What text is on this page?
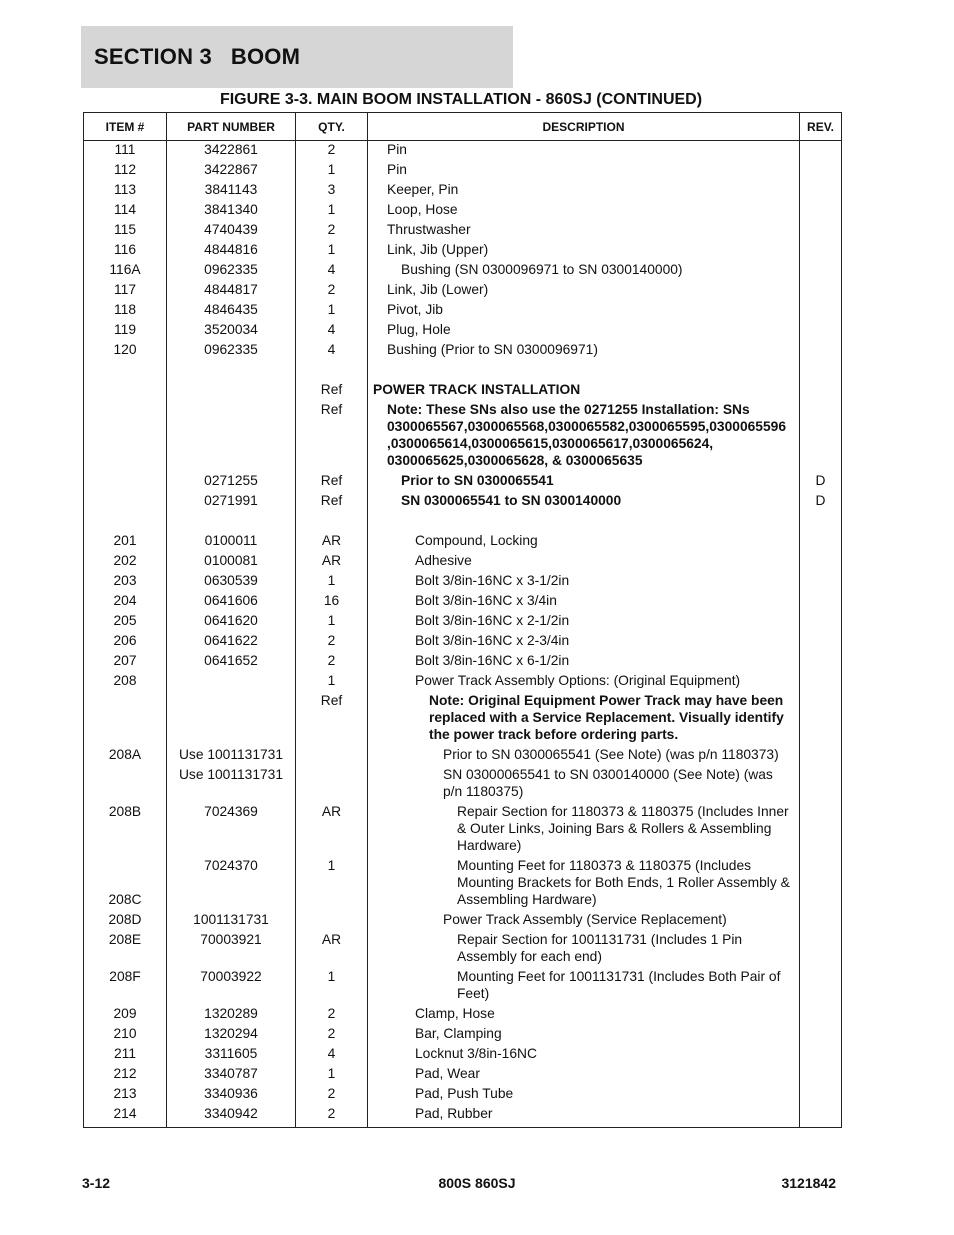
SECTION 3   BOOM
FIGURE 3-3. MAIN BOOM INSTALLATION - 860SJ (CONTINUED)
ITEM #	PART NUMBER	QTY.	DESCRIPTION	REV.
111	3422861	2	Pin	
112	3422867	1	Pin	
113	3841143	3	Keeper, Pin	
114	3841340	1	Loop, Hose	
115	4740439	2	Thrustwasher	
116	4844816	1	Link, Jib (Upper)	
116A	0962335	4	Bushing (SN 0300096971 to SN 0300140000)	
117	4844817	2	Link, Jib (Lower)	
118	4846435	1	Pivot, Jib	
119	3520034	4	Plug, Hole	
120	0962335	4	Bushing (Prior to SN 0300096971)	

		Ref	POWER TRACK INSTALLATION	
		Ref	Note: These SNs also use the 0271255 Installation: SNs 0300065567,0300065568,0300065582,0300065595,0300065596 ,0300065614,0300065615,0300065617,0300065624, 0300065625,0300065628, & 0300065635	
	0271255	Ref	Prior to SN 0300065541	D
	0271991	Ref	SN 0300065541 to SN 0300140000	D

201	0100011	AR	Compound, Locking	
202	0100081	AR	Adhesive	
203	0630539	1	Bolt 3/8in-16NC x 3-1/2in	
204	0641606	16	Bolt 3/8in-16NC x 3/4in	
205	0641620	1	Bolt 3/8in-16NC x 2-1/2in	
206	0641622	2	Bolt 3/8in-16NC x 2-3/4in	
207	0641652	2	Bolt 3/8in-16NC x 6-1/2in	
208		1	Power Track Assembly Options: (Original Equipment)	
		Ref	Note: Original Equipment Power Track may have been replaced with a Service Replacement. Visually identify the power track before ordering parts.	
208A	Use 1001131731		Prior to SN 0300065541 (See Note) (was p/n 1180373)	
	Use 1001131731		SN 03000065541 to SN 0300140000 (See Note) (was p/n 1180375)	
208B	7024369	AR	Repair Section for 1180373 & 1180375 (Includes Inner & Outer Links, Joining Bars & Rollers & Assembling Hardware)	
208C	7024370	1	Mounting Feet for 1180373 & 1180375 (Includes Mounting Brackets for Both Ends, 1 Roller Assembly & Assembling Hardware)	
208D	1001131731		Power Track Assembly (Service Replacement)	
208E	70003921	AR	Repair Section for 1001131731 (Includes 1 Pin Assembly for each end)	
208F	70003922	1	Mounting Feet for 1001131731 (Includes Both Pair of Feet)	
209	1320289	2	Clamp, Hose	
210	1320294	2	Bar, Clamping	
211	3311605	4	Locknut 3/8in-16NC	
212	3340787	1	Pad, Wear	
213	3340936	2	Pad, Push Tube	
214	3340942	2	Pad, Rubber	
3-12	800S 860SJ	3121842
